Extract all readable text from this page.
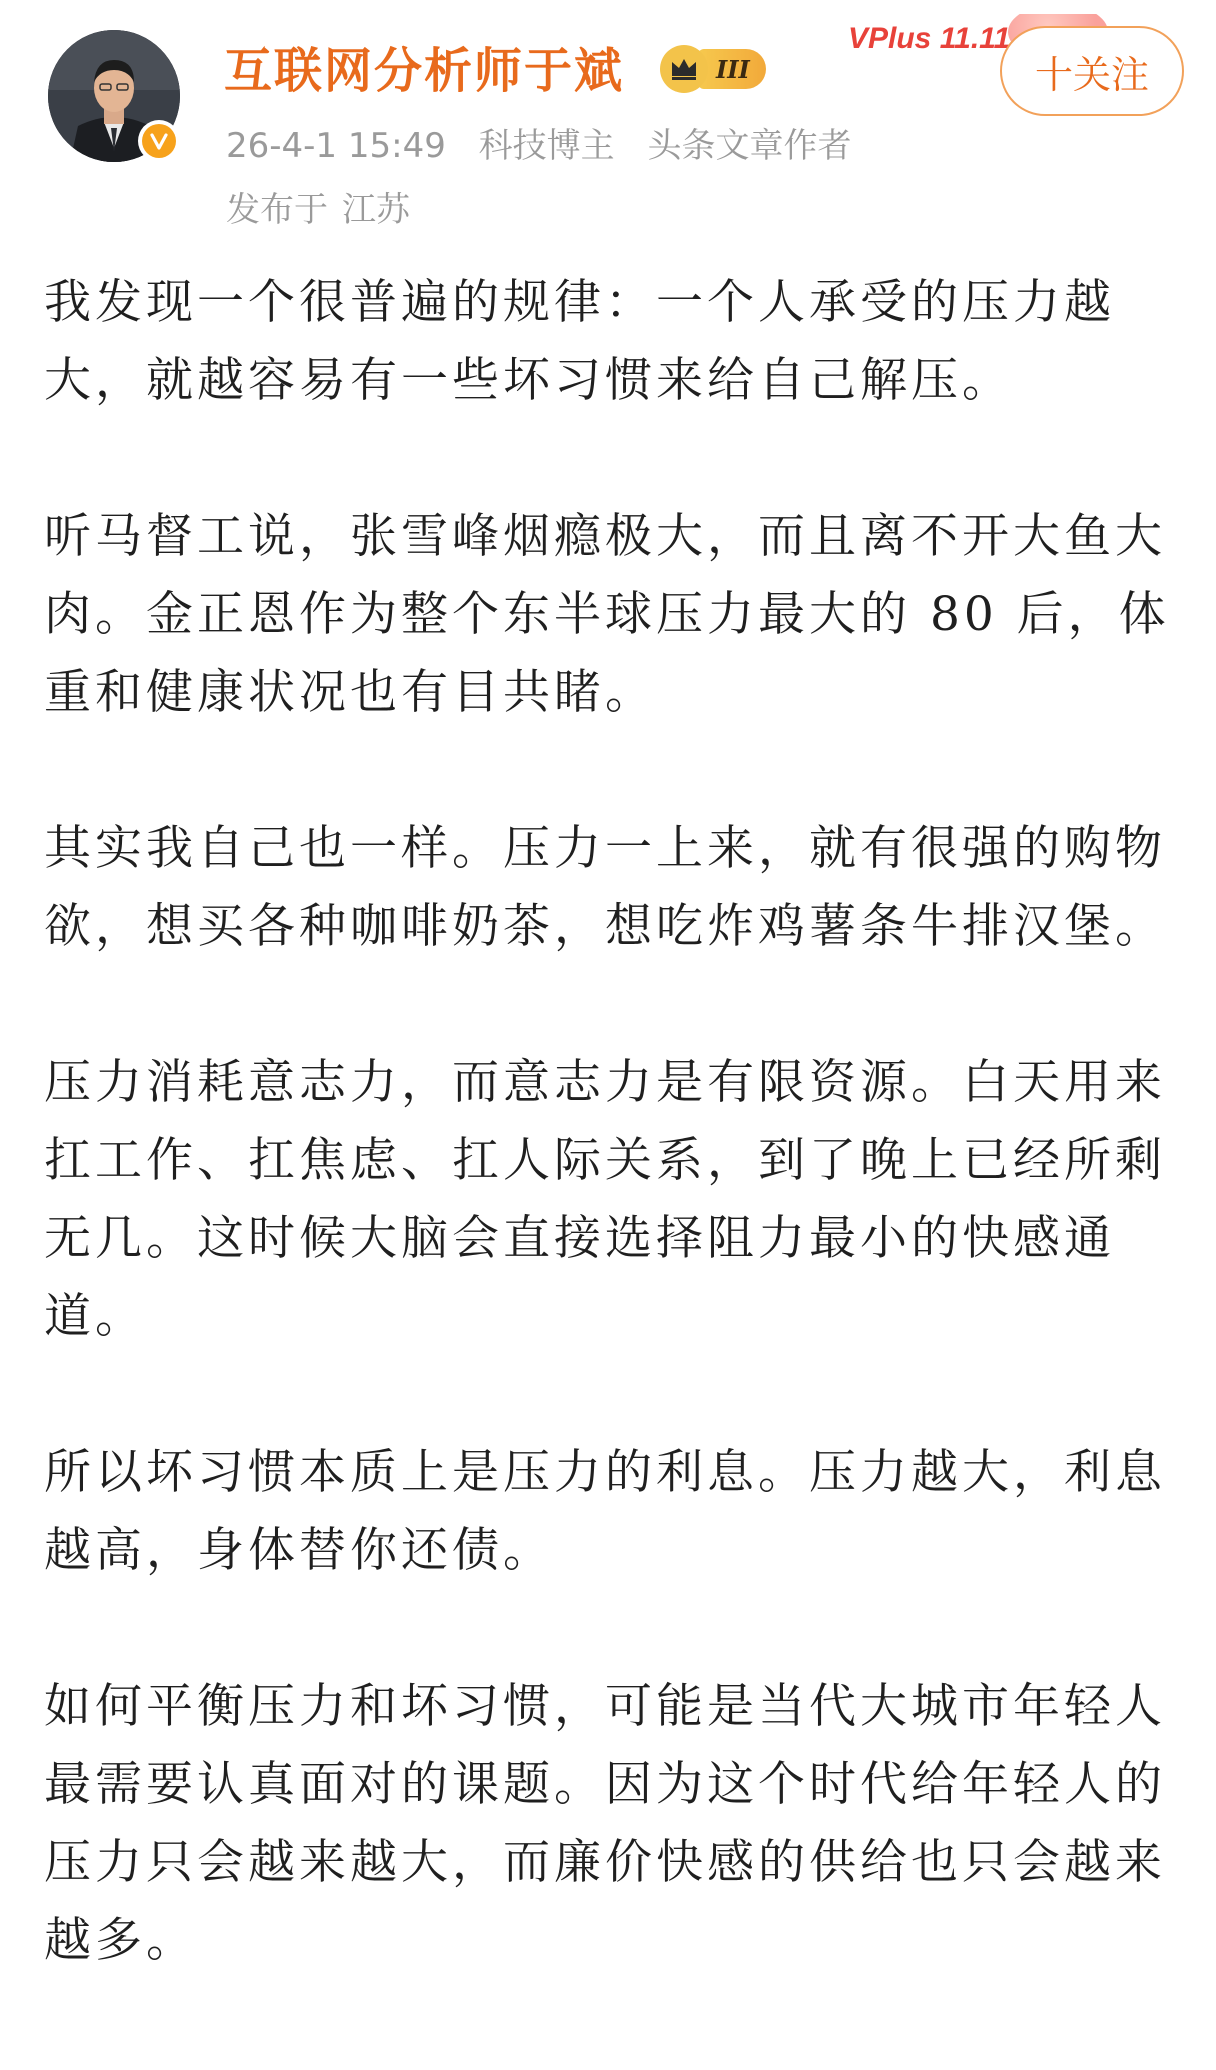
互联网分析师于斌	III
VPlus 11.11
十关注
26-4-1 15:49 科技博主 头条文章作者
发布于 江苏

我发现一个很普遍的规律：一个人承受的压力越大，就越容易有一些坏习惯来给自己解压。

听马督工说，张雪峰烟瘾极大，而且离不开大鱼大肉。金正恩作为整个东半球压力最大的 80 后，体重和健康状况也有目共睹。

其实我自己也一样。压力一上来，就有很强的购物欲，想买各种咖啡奶茶，想吃炸鸡薯条牛排汉堡。

压力消耗意志力，而意志力是有限资源。白天用来扛工作、扛焦虑、扛人际关系，到了晚上已经所剩无几。这时候大脑会直接选择阻力最小的快感通道。

所以坏习惯本质上是压力的利息。压力越大，利息越高，身体替你还债。

如何平衡压力和坏习惯，可能是当代大城市年轻人最需要认真面对的课题。因为这个时代给年轻人的压力只会越来越大，而廉价快感的供给也只会越来越多。
